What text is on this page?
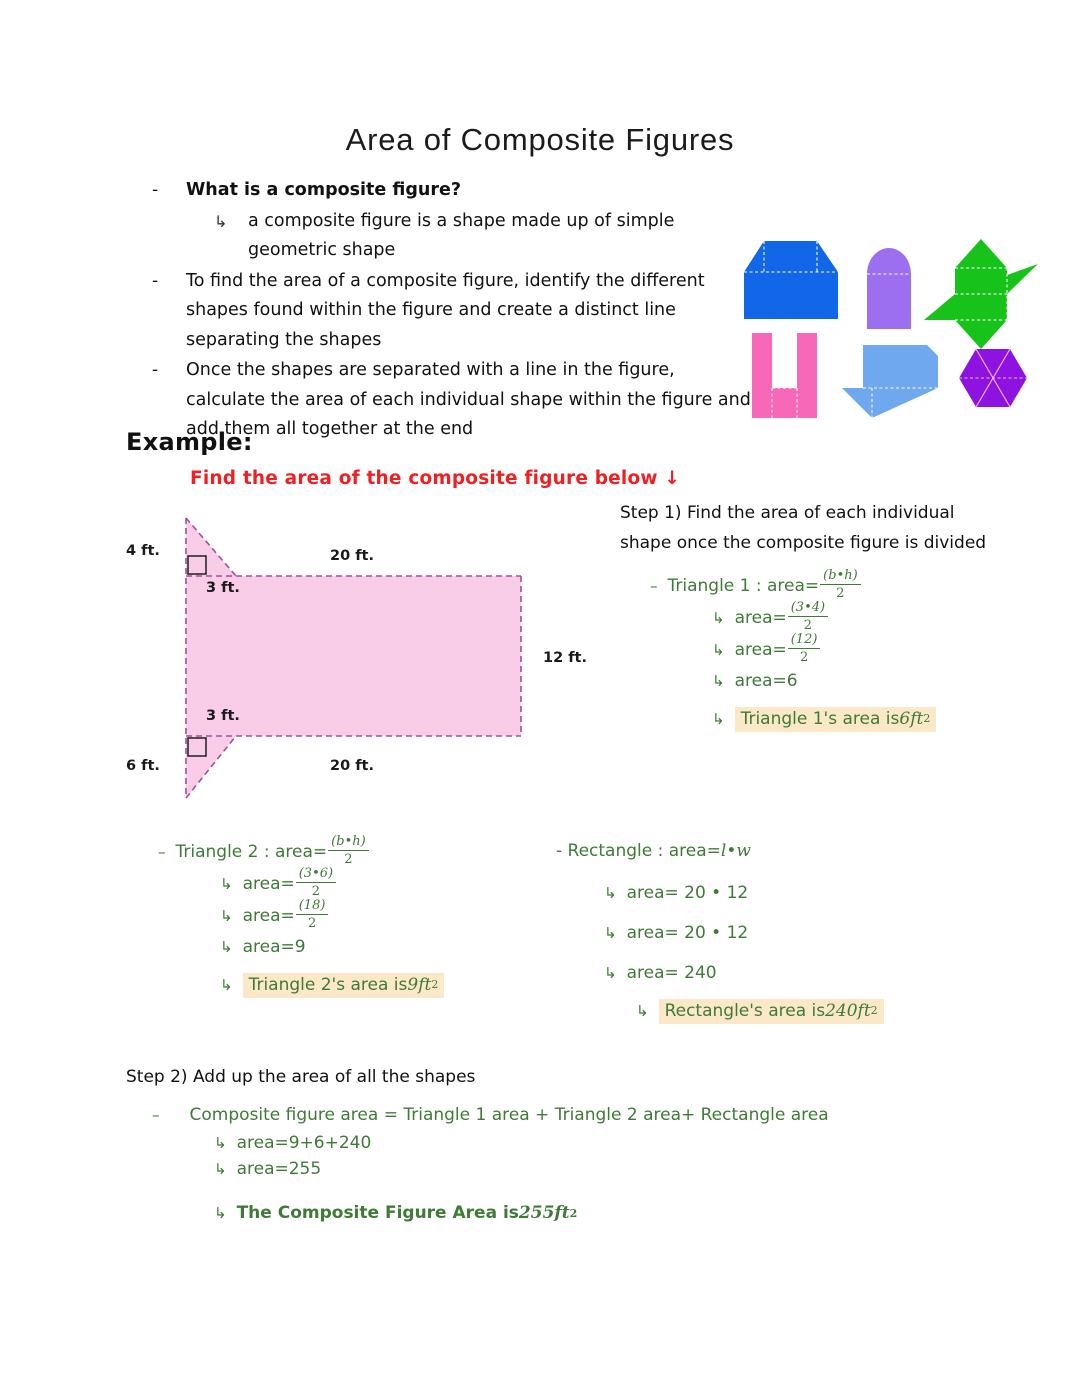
Area of Composite Figures
-	What is a composite figure?
↳	a composite figure is a shape made up of simple geometric shape
-	To find the area of a composite figure, identify the different shapes found within the figure and create a distinct line separating the shapes
-	Once the shapes are separated with a line in the figure, calculate the area of each individual shape within the figure and add them all together at the end
Example:
Find the area of the composite figure below ↓
4 ft.
6 ft.
3 ft.
3 ft.
20 ft.
20 ft.
12 ft.
Step 1) Find the area of each individual
shape once the composite figure is divided
– Triangle 1 : area= $\frac{(b•h)}{2}$
↳ area= $\frac{(3•4)}{2}$
↳ area= $\frac{(12)}{2}$
↳ area=6
↳ Triangle 1's area is 6ft 2
– Triangle 2 : area= $\frac{(b•h)}{2}$
↳ area= $\frac{(3•6)}{2}$
↳ area= $\frac{(18)}{2}$
↳ area=9
↳ Triangle 2's area is 9ft 2
- Rectangle : area= l • w
↳ area= 20 • 12
↳ area= 20 • 12
↳ area= 240
↳ Rectangle's area is 240ft 2
Step 2) Add up the area of all the shapes
– Composite figure area = Triangle 1 area + Triangle 2 area+ Rectangle area
↳ area=9+6+240
↳ area=255
↳ The Composite Figure Area is 255ft 2
